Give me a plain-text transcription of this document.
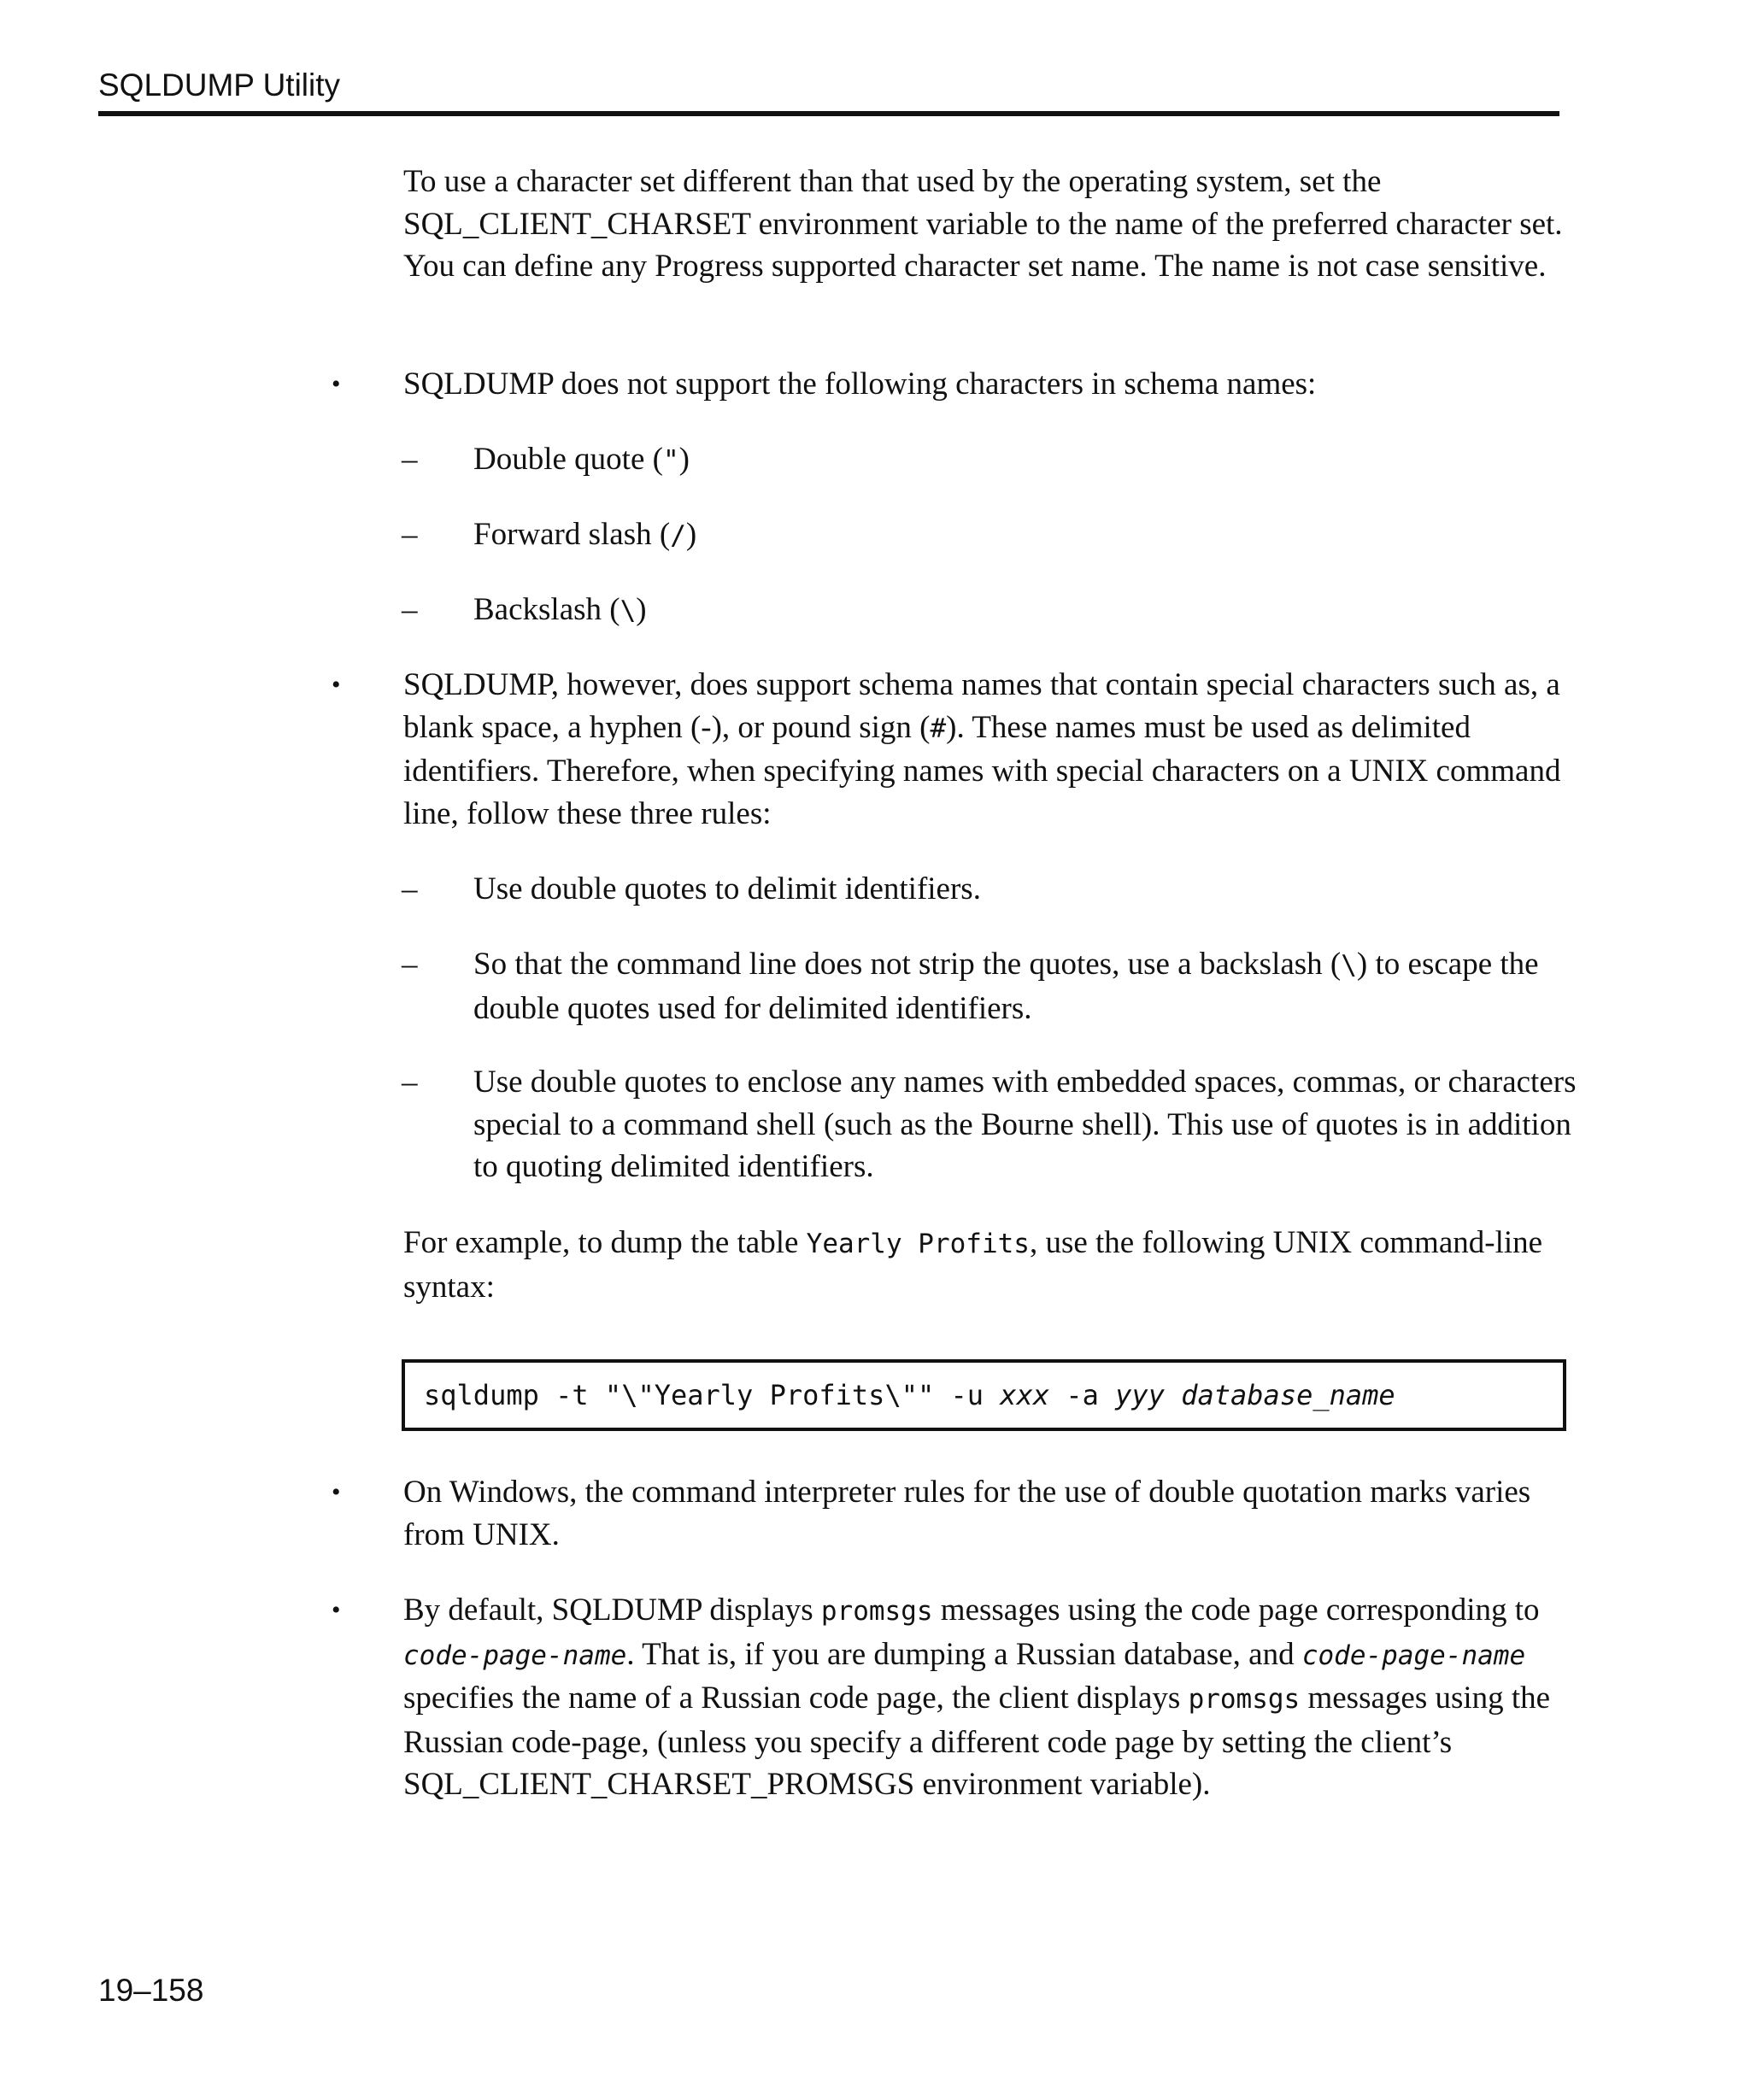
SQLDUMP Utility

To use a character set different than that used by the operating system, set the SQL_CLIENT_CHARSET environment variable to the name of the preferred character set. You can define any Progress supported character set name. The name is not case sensitive.

• SQLDUMP does not support the following characters in schema names:

– Double quote (")

– Forward slash (/)

– Backslash (\)

• SQLDUMP, however, does support schema names that contain special characters such as, a blank space, a hyphen (-), or pound sign (#). These names must be used as delimited identifiers. Therefore, when specifying names with special characters on a UNIX command line, follow these three rules:

– Use double quotes to delimit identifiers.

– So that the command line does not strip the quotes, use a backslash (\) to escape the double quotes used for delimited identifiers.

– Use double quotes to enclose any names with embedded spaces, commas, or characters special to a command shell (such as the Bourne shell). This use of quotes is in addition to quoting delimited identifiers.

For example, to dump the table Yearly Profits, use the following UNIX command-line syntax:

sqldump -t "\"Yearly Profits\"" -u xxx -a yyy database_name
• On Windows, the command interpreter rules for the use of double quotation marks varies from UNIX.

• By default, SQLDUMP displays promsgs messages using the code page corresponding to code-page-name. That is, if you are dumping a Russian database, and code-page-name specifies the name of a Russian code page, the client displays promsgs messages using the Russian code-page, (unless you specify a different code page by setting the client’s SQL_CLIENT_CHARSET_PROMSGS environment variable).

19–158
